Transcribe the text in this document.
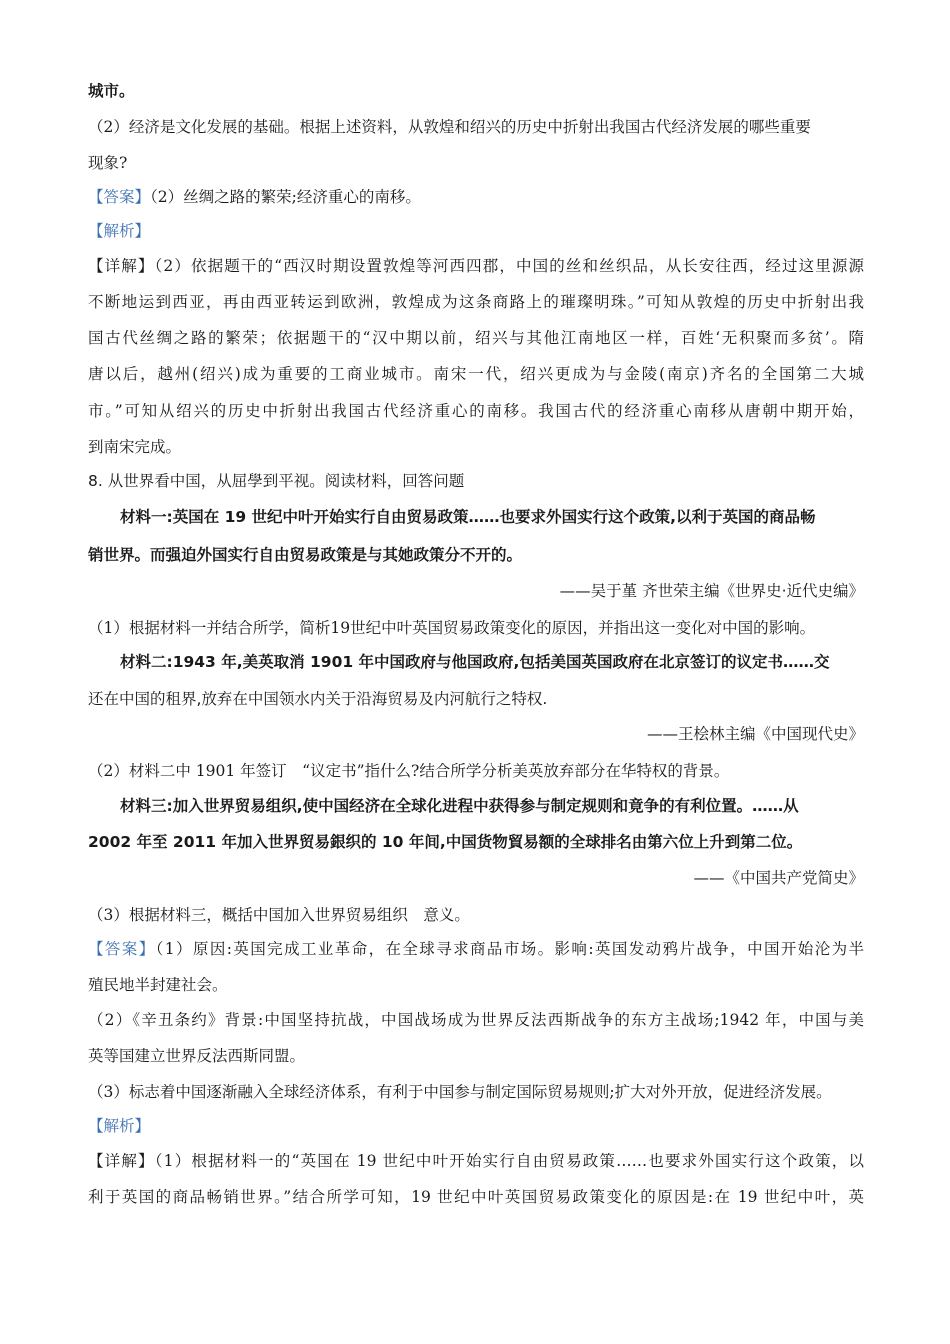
城市。
（2）经济是文化发展的基础。根据上述资料，从敦煌和绍兴的历史中折射出我国古代经济发展的哪些重要
现象?
【答案】（2）丝绸之路的繁荣;经济重心的南移。
【解析】
【详解】（2）依据题干的“西汉时期设置敦煌等河西四郡，中国的丝和丝织品，从长安往西，经过这里源源
不断地运到西亚，再由西亚转运到欧洲，敦煌成为这条商路上的璀璨明珠。”可知从敦煌的历史中折射出我
国古代丝绸之路的繁荣；依据题干的“汉中期以前，绍兴与其他江南地区一样，百姓‘无积聚而多贫’。隋
唐以后，越州(绍兴)成为重要的工商业城市。南宋一代，绍兴更成为与金陵(南京)齐名的全国第二大城
市。”可知从绍兴的历史中折射出我国古代经济重心的南移。我国古代的经济重心南移从唐朝中期开始，
到南宋完成。
8. 从世界看中国，从屈學到平视。阅读材料，回答问题
材料一:英国在 19 世纪中叶开始实行自由贸易政策……也要求外国实行这个政策,以利于英国的商品畅
销世界。而强迫外国实行自由贸易政策是与其她政策分不开的。
——吴于堇 齐世荣主编《世界史·近代史编》
（1）根据材料一并结合所学，简析19世纪中叶英国贸易政策变化的原因，并指出这一变化对中国的影响。
材料二:1943 年,美英取消 1901 年中国政府与他国政府,包括美国英国政府在北京签订的议定书……交
还在中国的租界,放弃在中国领水内关于沿海贸易及内河航行之特权.
——王桧林主编《中国现代史》
（2）材料二中 1901 年签订　“议定书”指什么?结合所学分析美英放弃部分在华特权的背景。
材料三:加入世界贸易组织,使中国经济在全球化进程中获得参与制定规则和竟争的有利位置。……从
2002 年至 2011 年加入世界贸易銀织的 10 年间,中国货物貿易额的全球排名由第六位上升到第二位。
——《中国共产党简史》
（3）根据材料三，概括中国加入世界贸易组织　意义。
【答案】（1）原因:英国完成工业革命，在全球寻求商品市场。影响:英国发动鸦片战争，中国开始沦为半
殖民地半封建社会。
（2）《辛丑条约》背景:中国坚持抗战，中国战场成为世界反法西斯战争的东方主战场;1942 年，中国与美
英等国建立世界反法西斯同盟。
（3）标志着中国逐渐融入全球经济体系，有利于中国参与制定国际贸易规则;扩大对外开放，促进经济发展。
【解析】
【详解】（1）根据材料一的“英国在 19 世纪中叶开始实行自由贸易政策……也要求外国实行这个政策，以
利于英国的商品畅销世界。”结合所学可知，19 世纪中叶英国贸易政策变化的原因是:在 19 世纪中叶，英
